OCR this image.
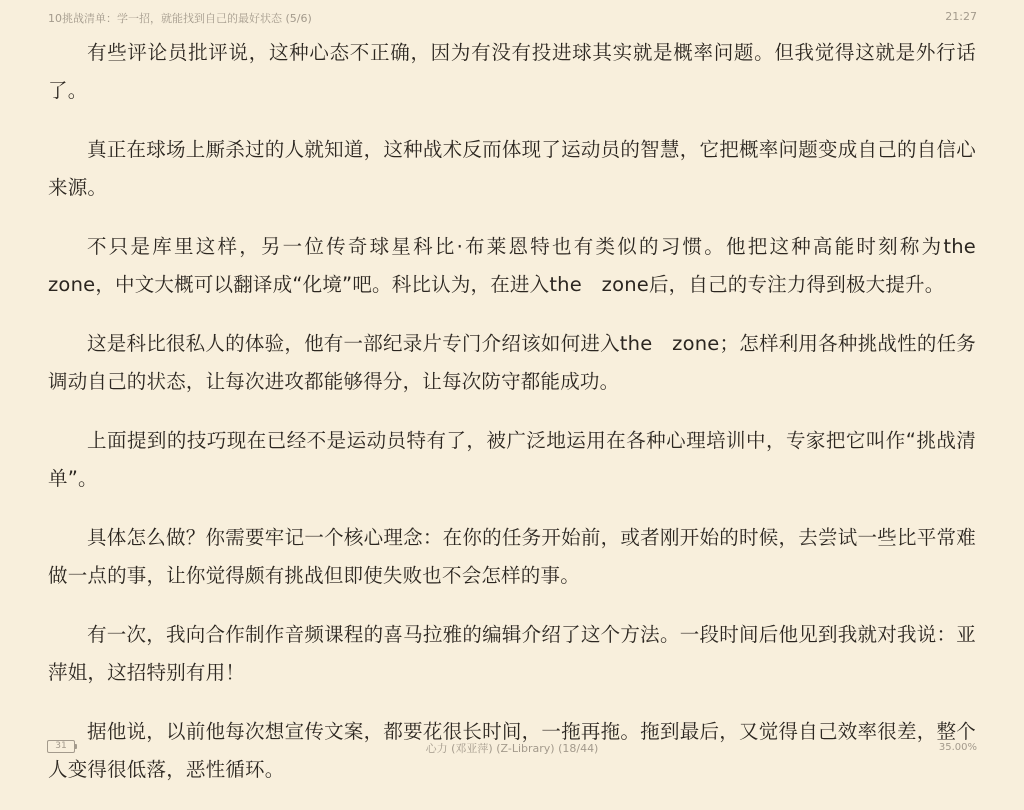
10挑战清单：学一招，就能找到自己的最好状态 (5/6)	21:27

有些评论员批评说，这种心态不正确，因为有没有投进球其实就是概率问题。但我觉得这就是外行话了。

真正在球场上厮杀过的人就知道，这种战术反而体现了运动员的智慧，它把概率问题变成自己的自信心来源。

不只是库里这样，另一位传奇球星科比·布莱恩特也有类似的习惯。他把这种高能时刻称为the　zone，中文大概可以翻译成“化境”吧。科比认为，在进入the　zone后，自己的专注力得到极大提升。

这是科比很私人的体验，他有一部纪录片专门介绍该如何进入the　zone；怎样利用各种挑战性的任务调动自己的状态，让每次进攻都能够得分，让每次防守都能成功。

上面提到的技巧现在已经不是运动员特有了，被广泛地运用在各种心理培训中，专家把它叫作“挑战清单”。

具体怎么做？你需要牢记一个核心理念：在你的任务开始前，或者刚开始的时候，去尝试一些比平常难做一点的事，让你觉得颇有挑战但即使失败也不会怎样的事。

有一次，我向合作制作音频课程的喜马拉雅的编辑介绍了这个方法。一段时间后他见到我就对我说：亚萍姐，这招特别有用！

据他说，以前他每次想宣传文案，都要花很长时间，一拖再拖。拖到最后，又觉得自己效率很差，整个人变得很低落，恶性循环。

31	心力 (邓亚萍) (Z-Library) (18/44)	35.00%
